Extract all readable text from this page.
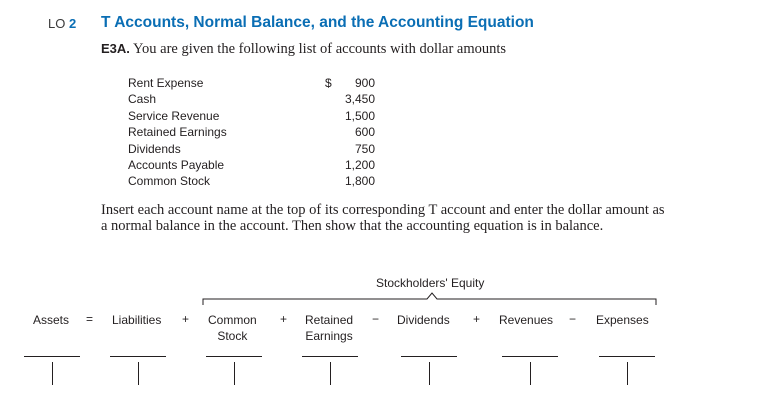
LO 2 T Accounts, Normal Balance, and the Accounting Equation
E3A. You are given the following list of accounts with dollar amounts
Rent Expense	$ 900
Cash	3,450
Service Revenue	1,500
Retained Earnings	600
Dividends	750
Accounts Payable	1,200
Common Stock	1,800
Insert each account name at the top of its corresponding T account and enter the dollar amount as a normal balance in the account. Then show that the accounting equation is in balance.
Stockholders' Equity
Assets = Liabilities + Common
Stock
+ Retained
Earnings
− Dividends + Revenues − Expenses
